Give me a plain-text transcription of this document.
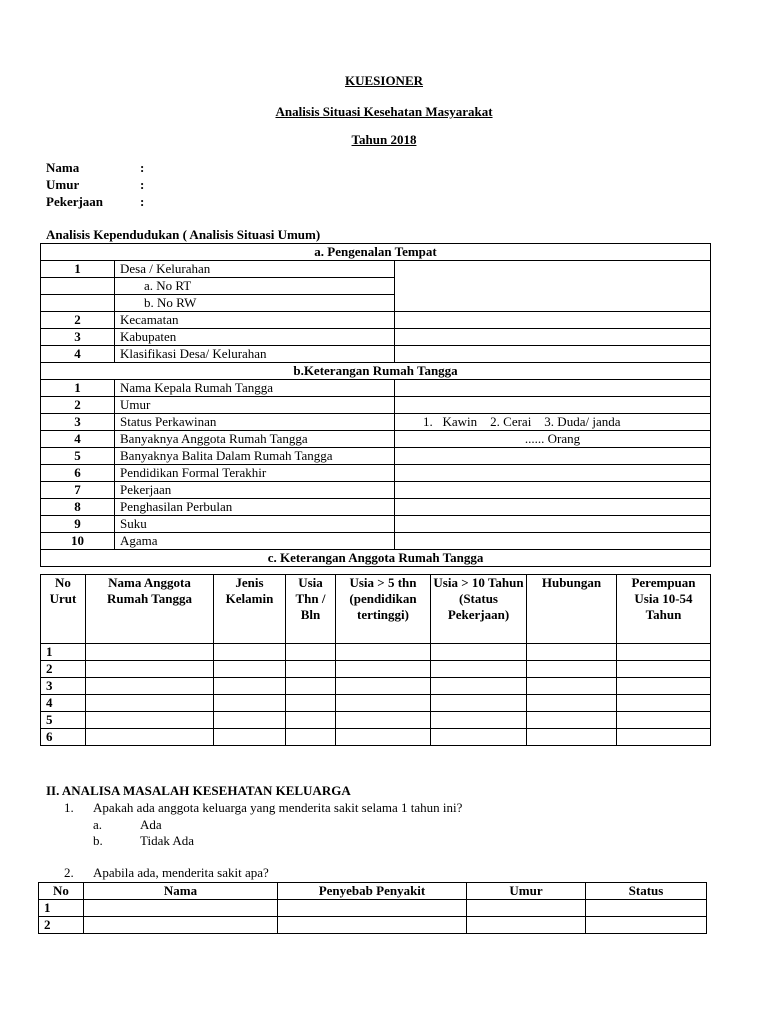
KUESIONER
Analisis Situasi Kesehatan Masyarakat
Tahun 2018
Nama	:
Umur	:
Pekerjaan	:
Analisis Kependudukan ( Analisis Situasi Umum)
a. Pengenalan Tempat		
1	Desa / Kelurahan	
	a. No RT	
	b. No RW	
2	Kecamatan	
3	Kabupaten	
4	Klasifikasi Desa/ Kelurahan	
b.Keterangan Rumah Tangga		
1	Nama Kepala Rumah Tangga	
2	Umur	
3	Status Perkawinan	1.   Kawin    2. Cerai    3. Duda/ janda
4	Banyaknya Anggota Rumah Tangga	...... Orang
5	Banyaknya Balita Dalam Rumah Tangga	
6	Pendidikan Formal Terakhir	
7	Pekerjaan	
8	Penghasilan Perbulan	
9	Suku	
10	Agama	
c. Keterangan Anggota Rumah Tangga		
No Urut	Nama Anggota Rumah Tangga	Jenis Kelamin	Usia Thn / Bln	Usia > 5 thn (pendidikan tertinggi)	Usia > 10 Tahun (Status Pekerjaan)	Hubungan	Perempuan Usia 10-54 Tahun
1							
2							
3							
4							
5							
6							
II. ANALISA MASALAH KESEHATAN KELUARGA
1. Apakah ada anggota keluarga yang menderita sakit selama 1 tahun ini?
a.	Ada
b.	Tidak Ada
2. Apabila ada, menderita sakit apa?
No	Nama	Penyebab Penyakit	Umur	Status
1				
2				
